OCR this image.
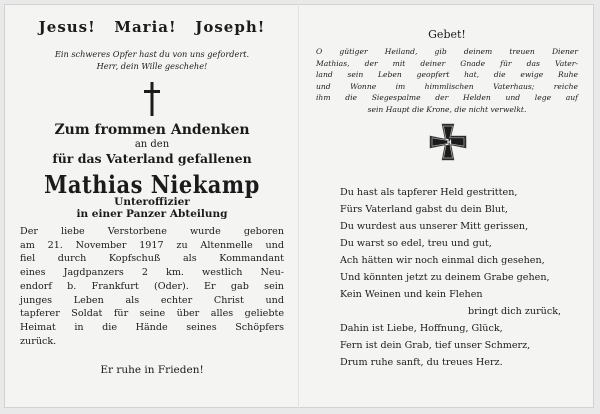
Jesus!   Maria!   Joseph!
Ein schweres Opfer hast du von uns gefordert.
Herr, dein Wille geschehe!
Zum frommen Andenken
an den
für das Vaterland gefallenen
Mathias Niekamp
Unteroffizier
in einer Panzer Abteilung
Der liebe Verstorbene wurde geboren
am 21. November 1917 zu Altenmelle und
fiel durch Kopfschuß als Kommandant
eines Jagdpanzers 2 km. westlich Neu-
endorf b. Frankfurt (Oder). Er gab sein
junges Leben als echter Christ und
tapferer Soldat für seine über alles geliebte
Heimat in die Hände seines Schöpfers
zurück.
Er ruhe in Frieden!
Gebet!
O gütiger Heiland, gib deinem treuen Diener
Mathias, der mit deiner Gnade für das Vater-
land sein Leben geopfert hat, die ewige Ruhe
und Wonne im himmlischen Vaterhaus; reiche
ihm die Siegespalme der Helden und lege auf
sein Haupt die Krone, die nicht verwelkt.
Du hast als tapferer Held gestritten,
Fürs Vaterland gabst du dein Blut,
Du wurdest aus unserer Mitt gerissen,
Du warst so edel, treu und gut,
Ach hätten wir noch einmal dich gesehen,
Und könnten jetzt zu deinem Grabe gehen,
Kein Weinen und kein Flehen
bringt dich zurück,
Dahin ist Liebe, Hoffnung, Glück,
Fern ist dein Grab, tief unser Schmerz,
Drum ruhe sanft, du treues Herz.
